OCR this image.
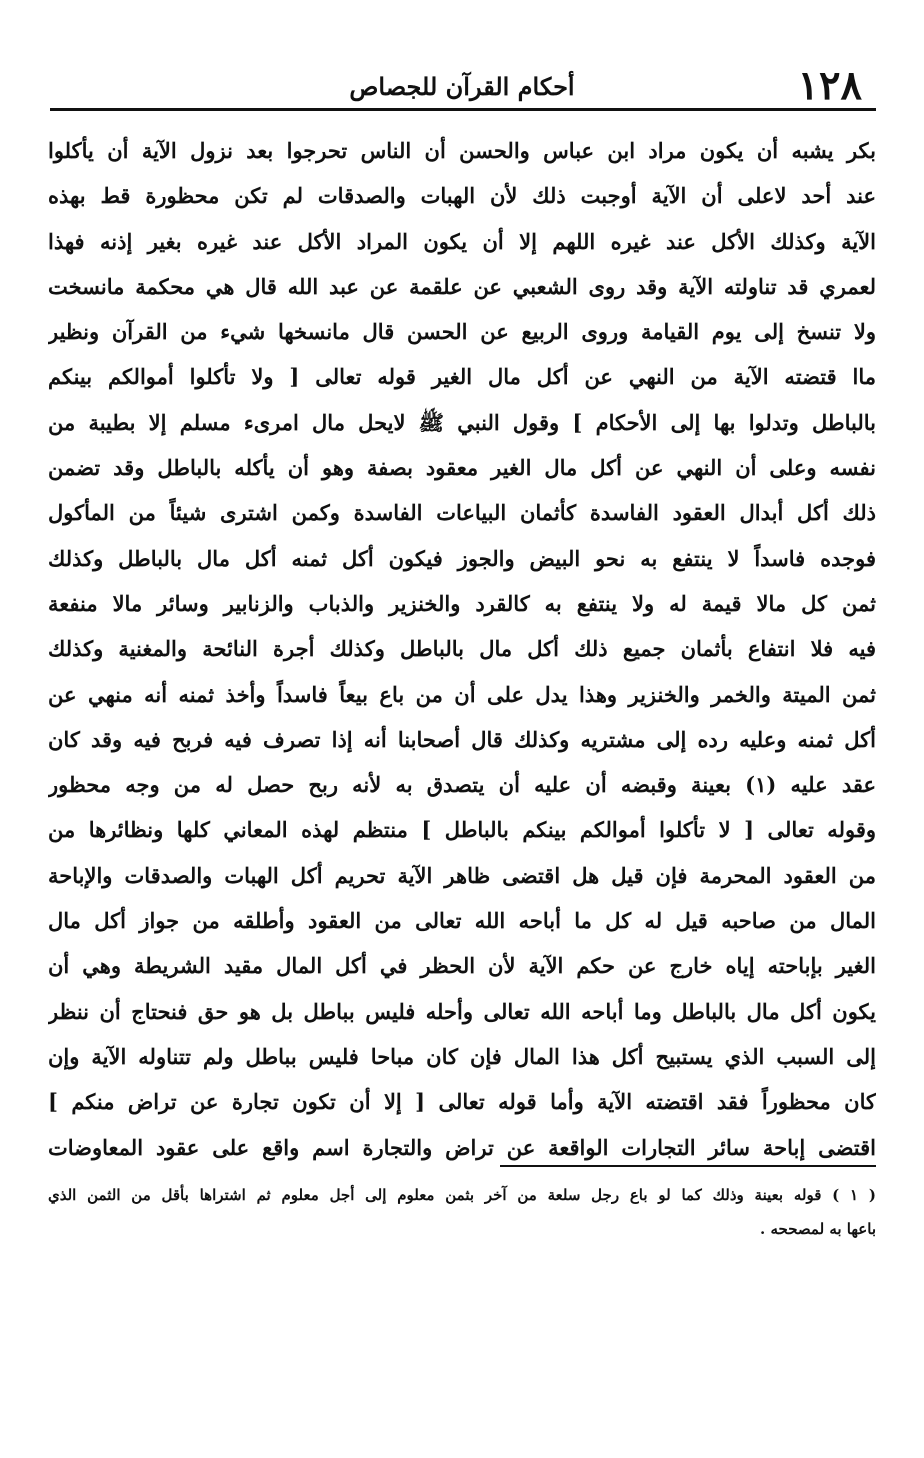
١٢٨
أحكام القرآن للجصاص
بكر يشبه أن يكون مراد ابن عباس والحسن أن الناس تحرجوا بعد نزول الآية أن يأكلوا
عند أحد لاعلى أن الآية أوجبت ذلك لأن الهبات والصدقات لم تكن محظورة قط بهذه
الآية وكذلك الأكل عند غيره اللهم إلا أن يكون المراد الأكل عند غيره بغير إذنه فهذا
لعمري قد تناولته الآية وقد روى الشعبي عن علقمة عن عبد الله قال هي محكمة مانسخت
ولا تنسخ إلى يوم القيامة وروى الربيع عن الحسن قال مانسخها شيء من القرآن ونظير
ماا قتضته الآية من النهي عن أكل مال الغير قوله تعالى [ ولا تأكلوا أموالكم بينكم
بالباطل وتدلوا بها إلى الأحكام ] وقول النبي ﷺ لايحل مال امرىء مسلم إلا بطيبة من
نفسه وعلى أن النهي عن أكل مال الغير معقود بصفة وهو أن يأكله بالباطل وقد تضمن
ذلك أكل أبدال العقود الفاسدة كأثمان البياعات الفاسدة وكمن اشترى شيئاً من المأكول
فوجده فاسداً لا ينتفع به نحو البيض والجوز فيكون أكل ثمنه أكل مال بالباطل وكذلك
ثمن كل مالا قيمة له ولا ينتفع به كالقرد والخنزير والذباب والزنابير وسائر مالا منفعة
فيه فلا انتفاع بأثمان جميع ذلك أكل مال بالباطل وكذلك أجرة النائحة والمغنية وكذلك
ثمن الميتة والخمر والخنزير وهذا يدل على أن من باع بيعاً فاسداً وأخذ ثمنه أنه منهي عن
أكل ثمنه وعليه رده إلى مشتريه وكذلك قال أصحابنا أنه إذا تصرف فيه فربح فيه وقد كان
عقد عليه (١) بعينة وقبضه أن عليه أن يتصدق به لأنه ربح حصل له من وجه محظور
وقوله تعالى [ لا تأكلوا أموالكم بينكم بالباطل ] منتظم لهذه المعاني كلها ونظائرها من
من العقود المحرمة فإن قيل هل اقتضى ظاهر الآية تحريم أكل الهبات والصدقات والإباحة
المال من صاحبه قيل له كل ما أباحه الله تعالى من العقود وأطلقه من جواز أكل مال
الغير بإباحته إياه خارج عن حكم الآية لأن الحظر في أكل المال مقيد الشريطة وهي أن
يكون أكل مال بالباطل وما أباحه الله تعالى وأحله فليس بباطل بل هو حق فنحتاج أن ننظر
إلى السبب الذي يستبيح أكل هذا المال فإن كان مباحا فليس بباطل ولم تتناوله الآية وإن
كان محظوراً فقد اقتضته الآية وأما قوله تعالى [ إلا أن تكون تجارة عن تراض منكم ]
اقتضى إباحة سائر التجارات الواقعة عن تراض والتجارة اسم واقع على عقود المعاوضات
( ١ ) قوله بعينة وذلك كما لو باع رجل سلعة من آخر بثمن معلوم إلى أجل معلوم ثم اشتراها بأقل من الثمن الذي
باعها به لمصححه .
